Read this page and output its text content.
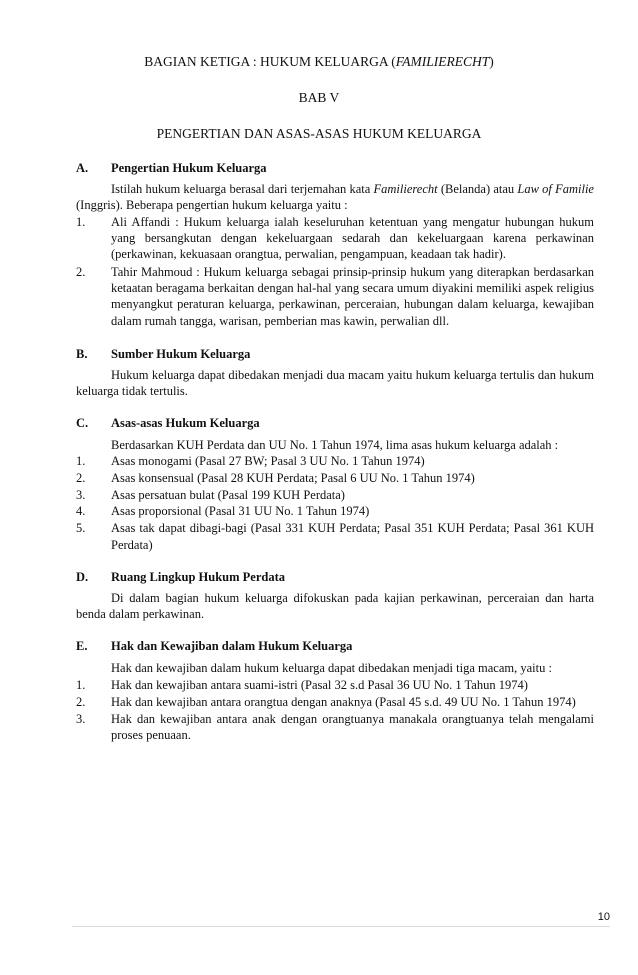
BAGIAN KETIGA : HUKUM KELUARGA (FAMILIERECHT)
BAB V
PENGERTIAN DAN ASAS-ASAS HUKUM KELUARGA
A. Pengertian Hukum Keluarga
Istilah hukum keluarga berasal dari terjemahan kata Familierecht (Belanda) atau Law of Familie
(Inggris). Beberapa pengertian hukum keluarga yaitu :
1. Ali Affandi : Hukum keluarga ialah keseluruhan ketentuan yang mengatur hubungan hukum
yang bersangkutan dengan kekeluargaan sedarah dan kekeluargaan karena perkawinan
(perkawinan, kekuasaan orangtua, perwalian, pengampuan, keadaan tak hadir).
2. Tahir Mahmoud : Hukum keluarga sebagai prinsip-prinsip hukum yang diterapkan berdasarkan
ketaatan beragama berkaitan dengan hal-hal yang secara umum diyakini memiliki aspek religius
menyangkut peraturan keluarga, perkawinan, perceraian, hubungan dalam keluarga, kewajiban
dalam rumah tangga, warisan, pemberian mas kawin, perwalian dll.
B. Sumber Hukum Keluarga
Hukum keluarga dapat dibedakan menjadi dua macam yaitu hukum keluarga tertulis dan hukum
keluarga tidak tertulis.
C. Asas-asas Hukum Keluarga
Berdasarkan KUH Perdata dan UU No. 1 Tahun 1974, lima asas hukum keluarga adalah :
1. Asas monogami (Pasal 27 BW; Pasal 3 UU No. 1 Tahun 1974)
2. Asas konsensual (Pasal 28 KUH Perdata; Pasal 6 UU No. 1 Tahun 1974)
3. Asas persatuan bulat (Pasal 199 KUH Perdata)
4. Asas proporsional (Pasal 31 UU No. 1 Tahun 1974)
5. Asas tak dapat dibagi-bagi (Pasal 331 KUH Perdata; Pasal 351 KUH Perdata; Pasal 361 KUH
Perdata)
D. Ruang Lingkup Hukum Perdata
Di dalam bagian hukum keluarga difokuskan pada kajian perkawinan, perceraian dan harta
benda dalam perkawinan.
E. Hak dan Kewajiban dalam Hukum Keluarga
Hak dan kewajiban dalam hukum keluarga dapat dibedakan menjadi tiga macam, yaitu :
1. Hak dan kewajiban antara suami-istri (Pasal 32 s.d Pasal 36 UU No. 1 Tahun 1974)
2. Hak dan kewajiban antara orangtua dengan anaknya (Pasal 45 s.d. 49 UU No. 1 Tahun 1974)
3. Hak dan kewajiban antara anak dengan orangtuanya manakala orangtuanya telah mengalami
proses penuaan.
10
